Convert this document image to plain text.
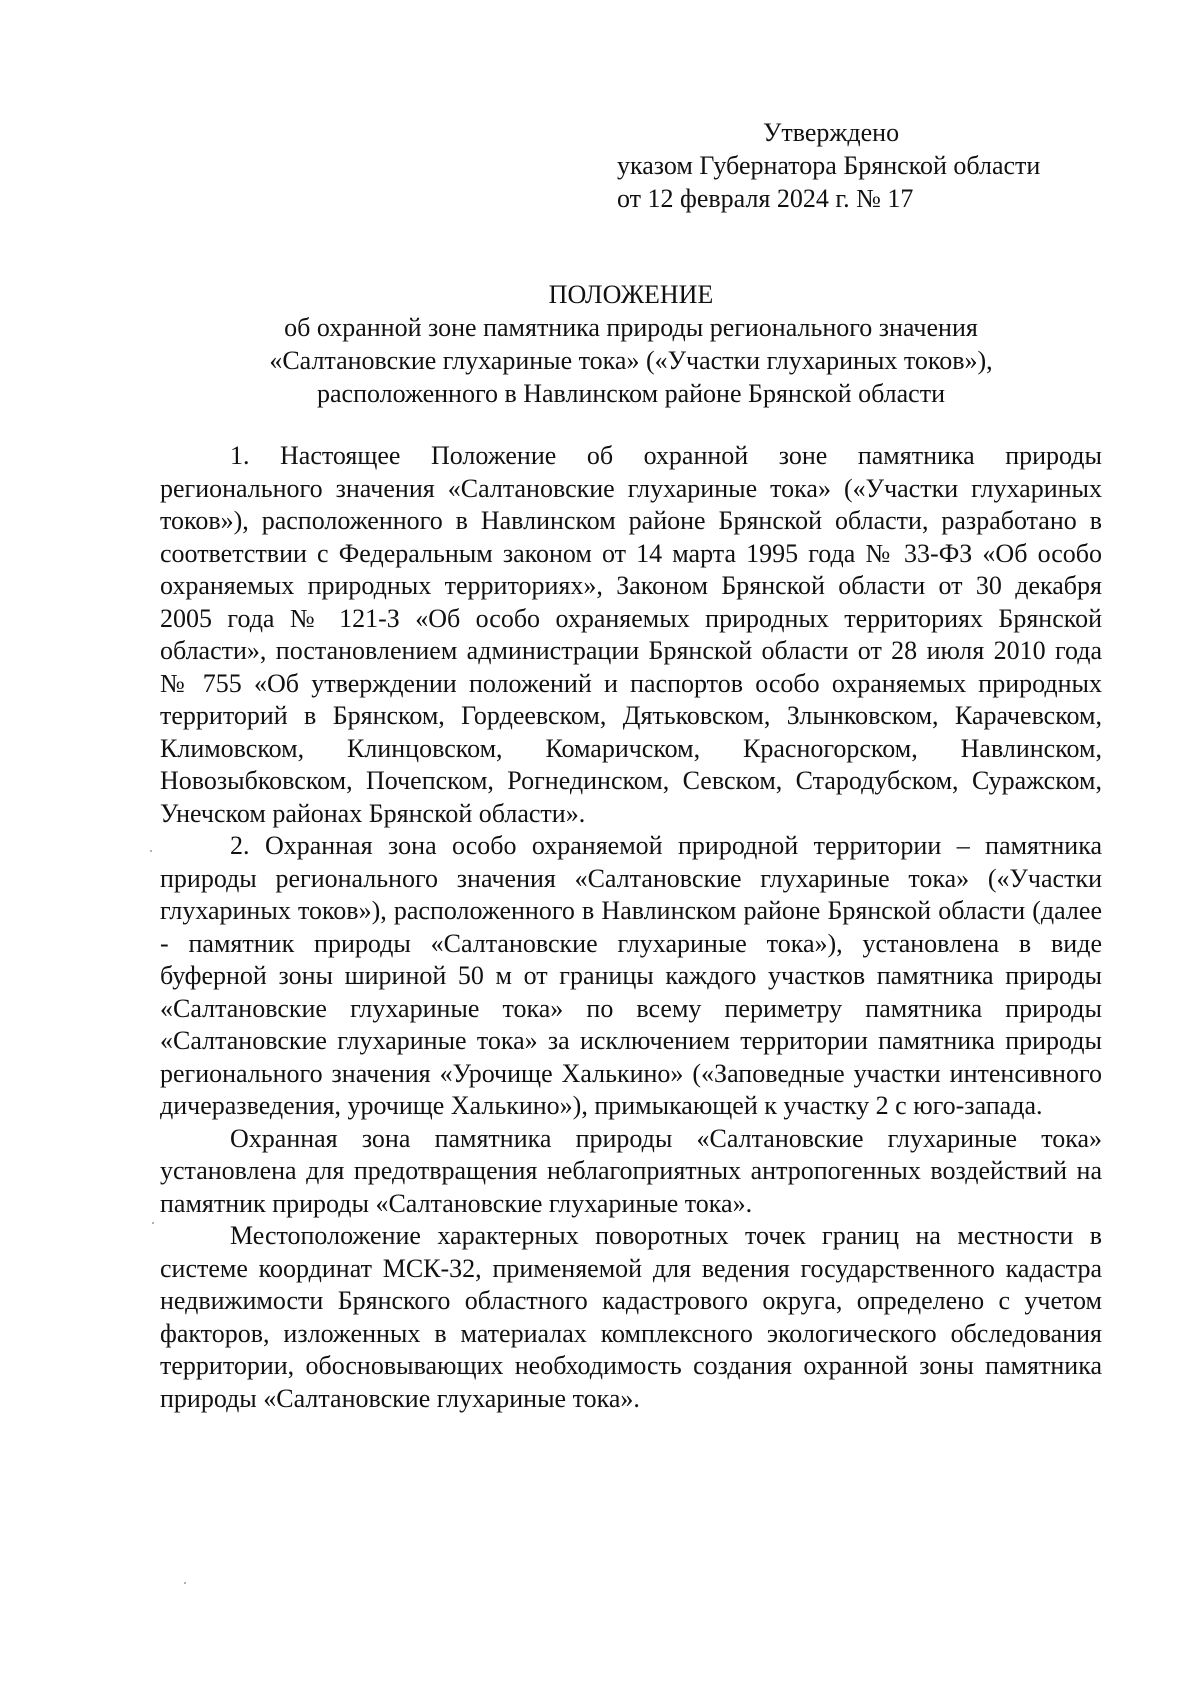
Утверждено
указом Губернатора Брянской области
от 12 февраля 2024 г. № 17
ПОЛОЖЕНИЕ
об охранной зоне памятника природы регионального значения
«Салтановские глухариные тока» («Участки глухариных токов»),
расположенного в Навлинском районе Брянской области

1. Настоящее Положение об охранной зоне памятника природы регионального значения «Салтановские глухариные тока» («Участки глухариных токов»), расположенного в Навлинском районе Брянской области, разработано в соответствии с Федеральным законом от 14 марта 1995 года № 33-ФЗ «Об особо охраняемых природных территориях», Законом Брянской области от 30 декабря 2005 года № 121-З «Об особо охраняемых природных территориях Брянской области», постановлением администрации Брянской области от 28 июля 2010 года № 755 «Об утверждении положений и паспортов особо охраняемых природных территорий в Брянском, Гордеевском, Дятьковском, Злынковском, Карачевском, Климовском, Клинцовском, Комаричском, Красногорском, Навлинском, Новозыбковском, Почепском, Рогнединском, Севском, Стародубском, Суражском, Унечском районах Брянской области».

2. Охранная зона особо охраняемой природной территории – памятника природы регионального значения «Салтановские глухариные тока» («Участки глухариных токов»), расположенного в Навлинском районе Брянской области (далее - памятник природы «Салтановские глухариные тока»), установлена в виде буферной зоны шириной 50 м от границы каждого участков памятника природы «Салтановские глухариные тока» по всему периметру памятника природы «Салтановские глухариные тока» за исключением территории памятника природы регионального значения «Урочище Халькино» («Заповедные участки интенсивного дичеразведения, урочище Халькино»), примыкающей к участку 2 с юго-запада.

Охранная зона памятника природы «Салтановские глухариные тока» установлена для предотвращения неблагоприятных антропогенных воздействий на памятник природы «Салтановские глухариные тока».

Местоположение характерных поворотных точек границ на местности в системе координат МСК-32, применяемой для ведения государственного кадастра недвижимости Брянского областного кадастрового округа, определено с учетом факторов, изложенных в материалах комплексного экологического обследования территории, обосновывающих необходимость создания охранной зоны памятника природы «Салтановские глухариные тока».
